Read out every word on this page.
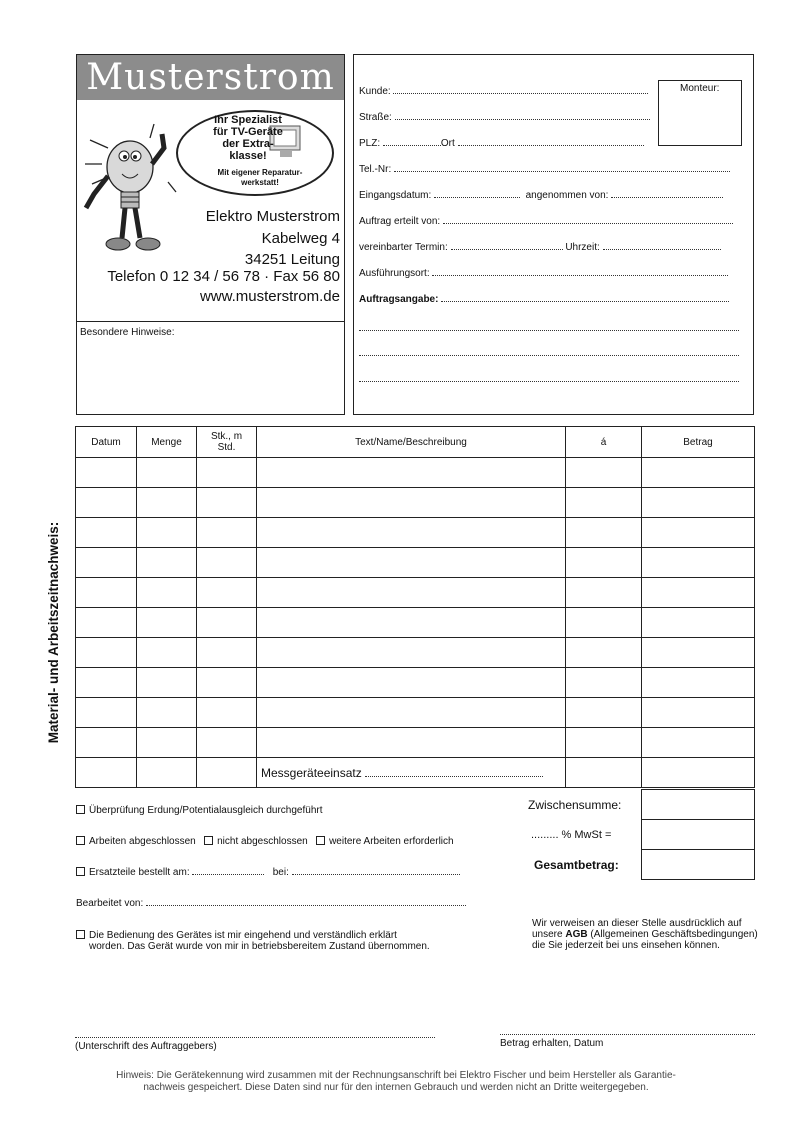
Musterstrom
Ihr Spezialist
für TV-Geräte
der Extra-
klasse!
Mit eigener Reparatur-
werkstatt!
Elektro Musterstrom
Kabelweg 4
34251 Leitung
Telefon 0 12 34 / 56 78 · Fax 56 80
www.musterstrom.de
Besondere Hinweise:
Monteur:
Kunde:
Straße:
PLZ:	Ort
Tel.-Nr:
Eingangsdatum:	angenommen von:
Auftrag erteilt von:
vereinbarter Termin:	Uhrzeit:
Ausführungsort:
Auftragsangabe:
Material- und Arbeitszeitnachweis:
Datum	Menge	Stk., m Std.	Text/Name/Beschreibung	á	Betrag

			Messgeräteeinsatz		
Zwischensumme:
......... % MwSt =
Gesamtbetrag:
Überprüfung Erdung/Potentialausgleich durchgeführt
Arbeiten abgeschlossen nicht abgeschlossen weitere Arbeiten erforderlich
Ersatzteile bestellt am:	bei:
Bearbeitet von:
Die Bedienung des Gerätes ist mir eingehend und verständlich erklärt
worden. Das Gerät wurde von mir in betriebsbereitem Zustand übernommen.
Wir verweisen an dieser Stelle ausdrücklich auf
unsere AGB (Allgemeinen Geschäftsbedingungen)
die Sie jederzeit bei uns einsehen können.
(Unterschrift des Auftraggebers)	Betrag erhalten, Datum
Hinweis: Die Gerätekennung wird zusammen mit der Rechnungsanschrift bei Elektro Fischer und beim Hersteller als Garantie-
nachweis gespeichert. Diese Daten sind nur für den internen Gebrauch und werden nicht an Dritte weitergegeben.
